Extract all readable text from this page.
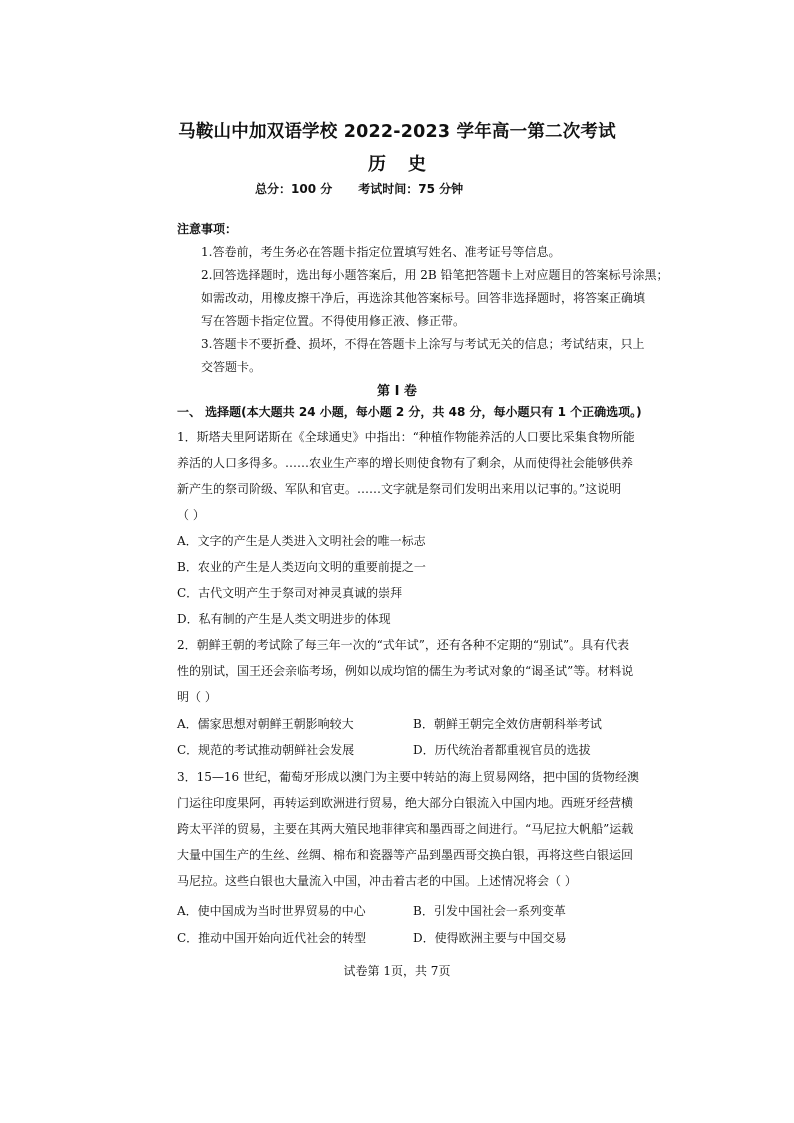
马鞍山中加双语学校 2022-2023 学年高一第二次考试
历 史
总分：100 分 考试时间：75 分钟
注意事项：
1.答卷前，考生务必在答题卡指定位置填写姓名、准考证号等信息。
2.回答选择题时，选出每小题答案后，用 2B 铅笔把答题卡上对应题目的答案标号涂黑；
如需改动，用橡皮擦干净后，再选涂其他答案标号。回答非选择题时，将答案正确填
写在答题卡指定位置。不得使用修正液、修正带。
3.答题卡不要折叠、损坏，不得在答题卡上涂写与考试无关的信息；考试结束，只上
交答题卡。
第 I 卷
一、 选择题(本大题共 24 小题，每小题 2 分，共 48 分，每小题只有 1 个正确选项。)
1．斯塔夫里阿诺斯在《全球通史》中指出：“种植作物能养活的人口要比采集食物所能
养活的人口多得多。……农业生产率的增长则使食物有了剩余，从而使得社会能够供养
新产生的祭司阶级、军队和官吏。……文字就是祭司们发明出来用以记事的。”这说明
（ ）
A．文字的产生是人类进入文明社会的唯一标志
B．农业的产生是人类迈向文明的重要前提之一
C．古代文明产生于祭司对神灵真诚的崇拜
D．私有制的产生是人类文明进步的体现
2．朝鲜王朝的考试除了每三年一次的“式年试”，还有各种不定期的“别试”。具有代表
性的别试，国王还会亲临考场，例如以成均馆的儒生为考试对象的“谒圣试”等。材料说
明（ ）
A．儒家思想对朝鲜王朝影响较大	B．朝鲜王朝完全效仿唐朝科举考试
C．规范的考试推动朝鲜社会发展	D．历代统治者都重视官员的选拔
3．15—16 世纪，葡萄牙形成以澳门为主要中转站的海上贸易网络，把中国的货物经澳
门运往印度果阿，再转运到欧洲进行贸易，绝大部分白银流入中国内地。西班牙经营横
跨太平洋的贸易，主要在其两大殖民地菲律宾和墨西哥之间进行。“马尼拉大帆船”运载
大量中国生产的生丝、丝绸、棉布和瓷器等产品到墨西哥交换白银，再将这些白银运回
马尼拉。这些白银也大量流入中国，冲击着古老的中国。上述情况将会（ ）
A．使中国成为当时世界贸易的中心	B．引发中国社会一系列变革
C．推动中国开始向近代社会的转型	D．使得欧洲主要与中国交易
试卷第 1页，共 7页
